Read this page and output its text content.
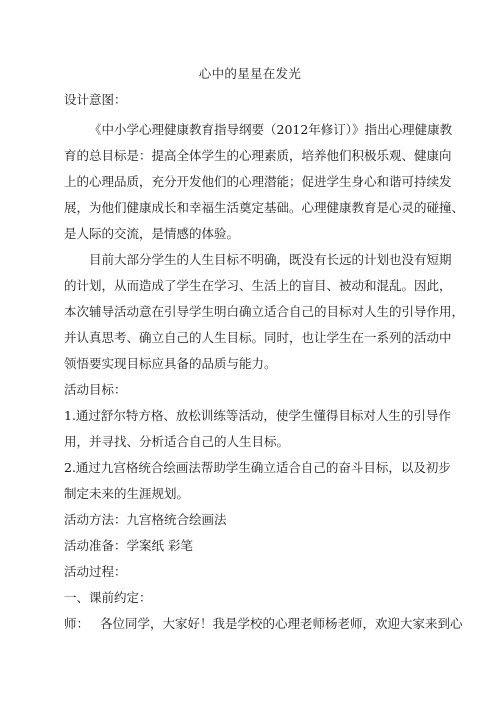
心中的星星在发光
设计意图：
《中小学心理健康教育指导纲要（2012年修订）》指出心理健康教
育的总目标是：提高全体学生的心理素质，培养他们积极乐观、健康向
上的心理品质，充分开发他们的心理潜能；促进学生身心和谐可持续发
展，为他们健康成长和幸福生活奠定基础。心理健康教育是心灵的碰撞、
是人际的交流，是情感的体验。
目前大部分学生的人生目标不明确，既没有长远的计划也没有短期
的计划，从而造成了学生在学习、生活上的盲目、被动和混乱。因此，
本次辅导活动意在引导学生明白确立适合自己的目标对人生的引导作用，
并认真思考、确立自己的人生目标。同时，也让学生在一系列的活动中
领悟要实现目标应具备的品质与能力。
活动目标：
1.通过舒尔特方格、放松训练等活动，使学生懂得目标对人生的引导作
用，并寻找、分析适合自己的人生目标。
2.通过九宫格统合绘画法帮助学生确立适合自己的奋斗目标，以及初步
制定未来的生涯规划。
活动方法：九宫格统合绘画法
活动准备：学案纸 彩笔
活动过程：
一、课前约定：
师： 各位同学，大家好！我是学校的心理老师杨老师，欢迎大家来到心
